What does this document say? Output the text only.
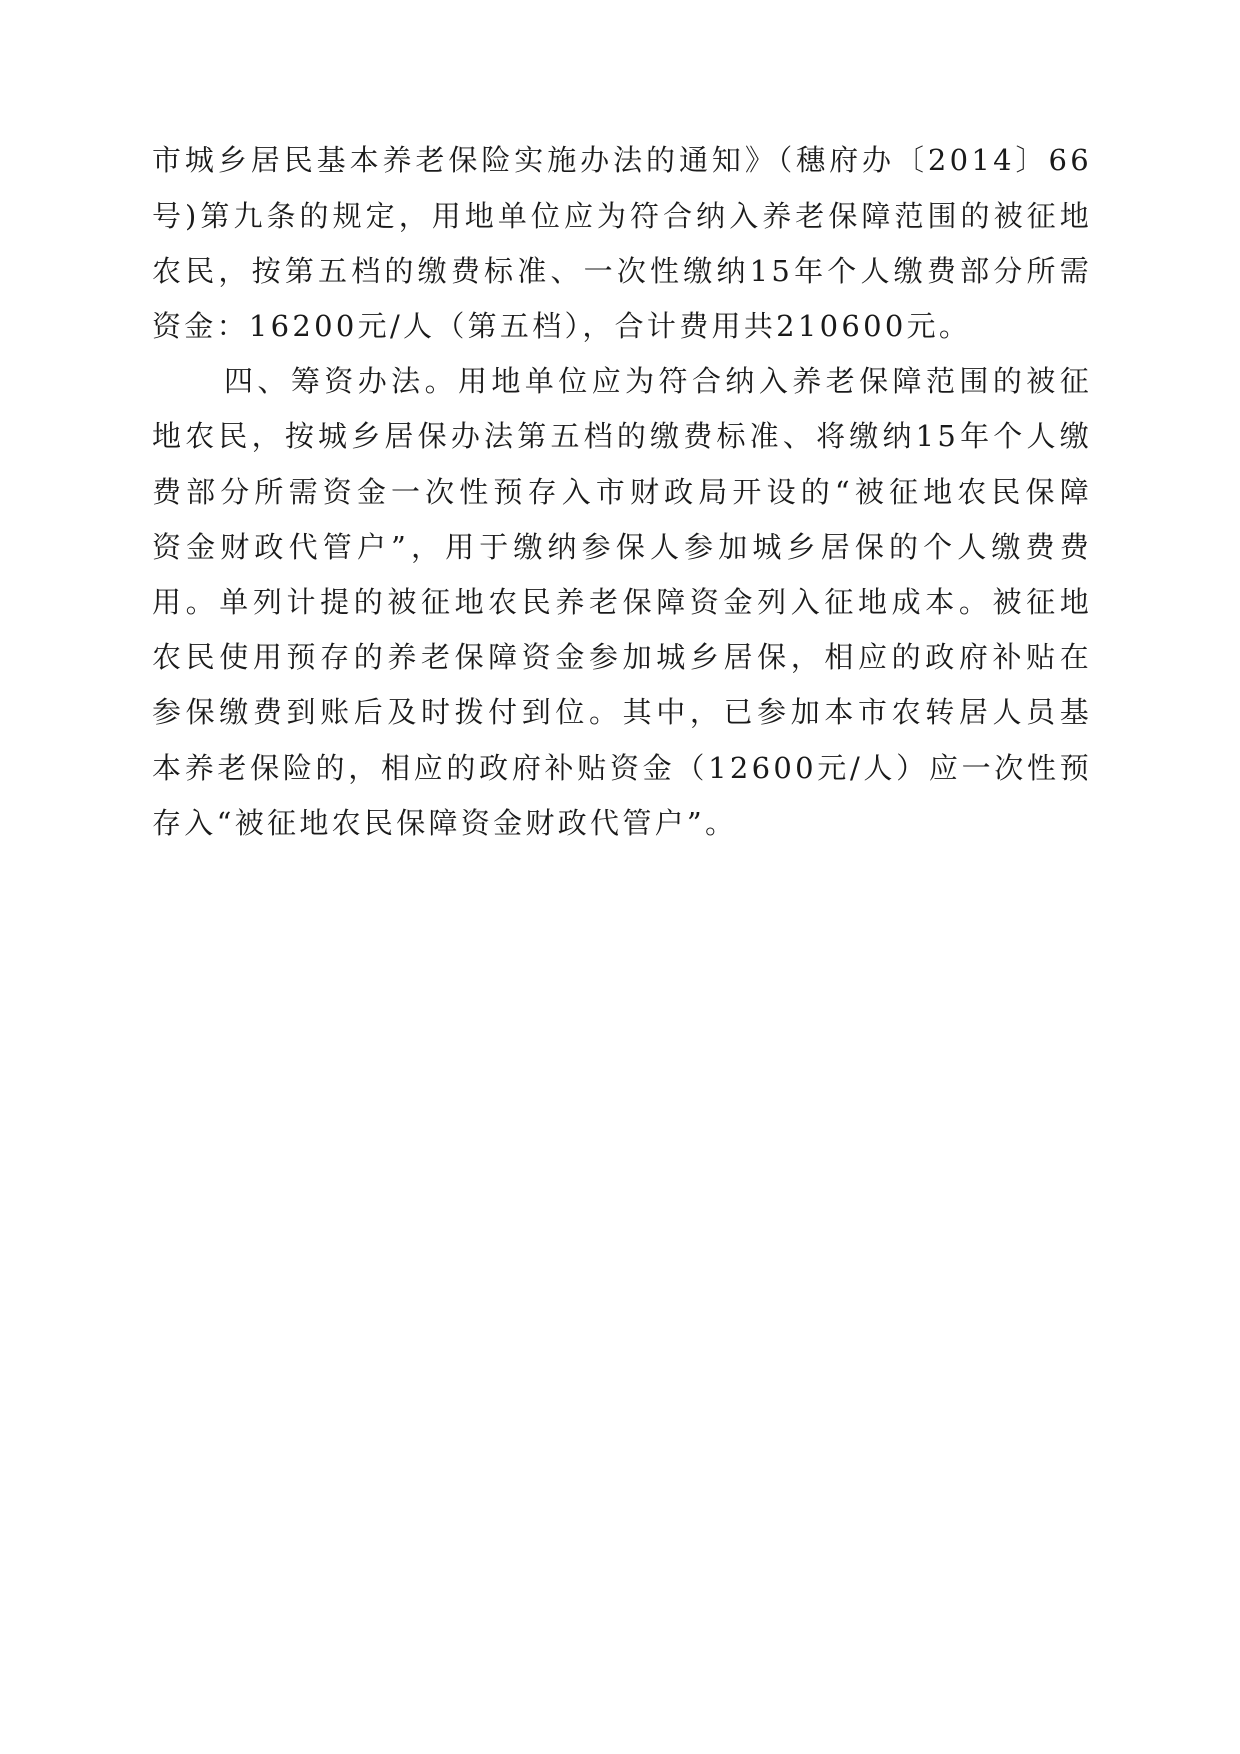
市城乡居民基本养老保险实施办法的通知》（穗府办〔2014〕66
号)第九条的规定，用地单位应为符合纳入养老保障范围的被征地
农民，按第五档的缴费标准、一次性缴纳15年个人缴费部分所需
资金：16200元/人（第五档），合计费用共210600元。
四、筹资办法。用地单位应为符合纳入养老保障范围的被征
地农民，按城乡居保办法第五档的缴费标准、将缴纳15年个人缴
费部分所需资金一次性预存入市财政局开设的“被征地农民保障
资金财政代管户”，用于缴纳参保人参加城乡居保的个人缴费费
用。单列计提的被征地农民养老保障资金列入征地成本。被征地
农民使用预存的养老保障资金参加城乡居保，相应的政府补贴在
参保缴费到账后及时拨付到位。其中，已参加本市农转居人员基
本养老保险的，相应的政府补贴资金（12600元/人）应一次性预
存入“被征地农民保障资金财政代管户”。
